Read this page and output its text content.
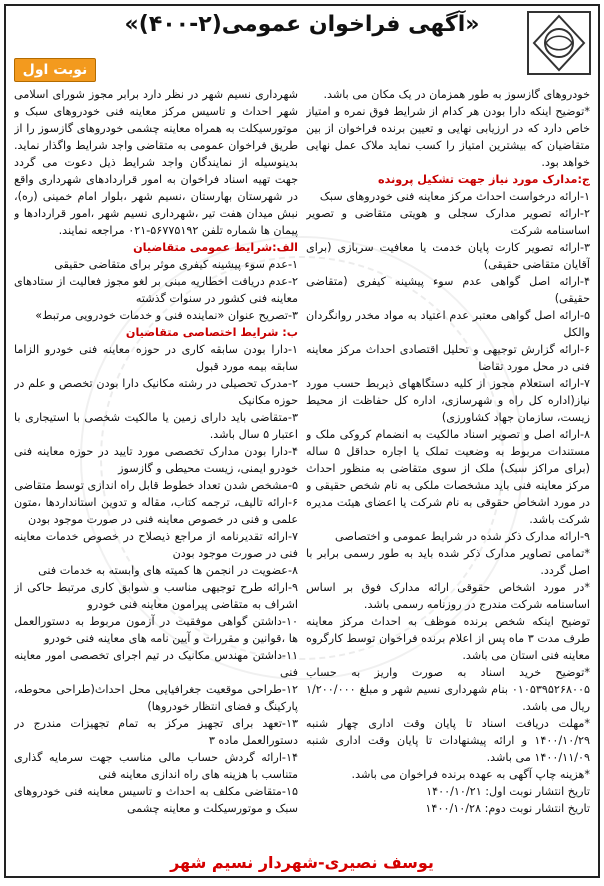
«آگهی فراخوان عمومی(۲-۴۰۰)»
نوبت اول

شهرداری نسیم شهر در نظر دارد برابر مجوز شورای اسلامی شهر احداث و تاسیس مرکز معاینه فنی خودروهای سبک و موتورسیکلت به همراه معاینه چشمی خودروهای گازسوز را از طریق فراخوان عمومی به متقاضی واجد شرایط واگذار نماید. بدینوسیله از نمایندگان واجد شرایط ذیل دعوت می گردد جهت تهیه اسناد فراخوان به امور قراردادهای شهرداری واقع در شهرستان بهارستان ،نسیم شهر ،بلوار امام خمینی (ره)، نبش میدان هفت تیر ،شهرداری نسیم شهر ،امور قراردادها و پیمان ها شماره تلفن ۵۶۷۷۵۱۹۲-۰۲۱ مراجعه نمایند.

الف:شرایط عمومی متقاضیان

۱-عدم سوء پیشینه کیفری موثر برای متقاضی حقیقی

۲-عدم دریافت اخطاریه مبنی بر لغو مجوز فعالیت از ستادهای معاینه فنی کشور در سنوات گذشته

۳-تصریح عنوان «نماینده فنی و خدمات خودرویی مرتبط»

ب: شرایط اختصاصی متقاضیان

۱-دارا بودن سابقه کاری در حوزه معاینه فنی خودرو الزاما سابقه بیمه مورد قبول

۲-مدرک تحصیلی در رشته مکانیک دارا بودن تخصص و علم در حوزه مکانیک

۳-متقاضی باید دارای زمین یا مالکیت شخصی با استیجاری با اعتبار ۵ سال باشد.

۴-دارا بودن مدارک تخصصی مورد تایید در حوزه معاینه فنی خودرو ایمنی، زیست محیطی و گازسوز

۵-مشخص شدن تعداد خطوط قابل راه اندازی توسط متقاضی

۶-ارائه تالیف، ترجمه کتاب، مقاله و تدوین استانداردها ،متون علمی و فنی در خصوص معاینه فنی در صورت موجود بودن

۷-ارائه تقدیرنامه از مراجع ذیصلاح در خصوص خدمات معاینه فنی در صورت موجود بودن

۸-عضویت در انجمن ها کمیته های وابسته به خدمات فنی

۹-ارائه طرح توجیهی مناسب و سوابق کاری مرتبط حاکی از اشراف به متقاضی پیرامون معاینه فنی خودرو

۱۰-داشتن گواهی موفقیت در آزمون مربوط به دستورالعمل ها ،قوانین و مقررات و آیین نامه های معاینه فنی خودرو

۱۱-داشتن مهندس مکانیک در تیم اجرای تخصصی امور معاینه فنی

۱۲-طراحی موقعیت جغرافیایی محل احداث(طراحی محوطه، پارکینگ و فضای انتظار خودروها)

۱۳-تعهد برای تجهیز مرکز به تمام تجهیزات مندرج در دستورالعمل ماده ۳

۱۴-ارائه گردش حساب مالی مناسب جهت سرمایه گذاری متناسب با هزینه های راه اندازی معاینه فنی

۱۵-متقاضی مکلف به احداث و تاسیس معاینه فنی خودروهای سبک و موتورسیکلت و معاینه چشمی

خودروهای گازسوز به طور همزمان در یک مکان می باشد.

*توضیح اینکه دارا بودن هر کدام از شرایط فوق نمره و امتیاز خاص دارد که در ارزیابی نهایی و تعیین برنده فراخوان از بین متقاضیان که بیشترین امتیاز را کسب نماید ملاک عمل نهایی خواهد بود.

ج:مدارک مورد نیاز جهت تشکیل پرونده

۱-ارائه درخواست احداث مرکز معاینه فنی خودروهای سبک

۲-ارائه تصویر مدارک سجلی و هویتی متقاضی و تصویر اساسنامه شرکت

۳-ارائه تصویر کارت پایان خدمت یا معافیت سربازی (برای آقایان متقاضی حقیقی)

۴-ارائه اصل گواهی عدم سوء پیشینه کیفری (متقاضی حقیقی)

۵-ارائه اصل گواهی معتبر عدم اعتیاد به مواد مخدر روانگردان والکل

۶-ارائه گزارش توجیهی و تحلیل اقتصادی احداث مرکز معاینه فنی در محل مورد تقاضا

۷-ارائه استعلام مجوز از کلیه دستگاههای ذیربط حسب مورد نیاز(اداره کل راه و شهرسازی، اداره کل حفاظت از محیط زیست، سازمان جهاد کشاورزی)

۸-ارائه اصل و تصویر اسناد مالکیت به انضمام کروکی ملک و مستندات مربوط به وضعیت تملک یا اجاره حداقل ۵ ساله (برای مراکز سبک) ملک از سوی متقاضی به منظور احداث مرکز معاینه فنی باید مشخصات ملکی به نام شخص حقیقی و در مورد اشخاص حقوقی به نام شرکت یا اعضای هیئت مدیره شرکت باشد.

۹-ارائه مدارک ذکر شده در شرایط عمومی و اختصاصی

*تمامی تصاویر مدارک ذکر شده باید به طور رسمی برابر با اصل گردد.

*در مورد اشخاص حقوقی ارائه مدارک فوق بر اساس اساسنامه شرکت مندرج در روزنامه رسمی باشد.

توضیح اینکه شخص برنده موظف به احداث مرکز معاینه طرف مدت ۳ ماه پس از اعلام برنده فراخوان توسط کارگروه معاینه فنی استان می باشد.

*توضیح خرید اسناد به صورت واریز به حساب ۰۱۰۵۳۹۵۲۶۸۰۰۵ بنام شهرداری نسیم شهر و مبلغ ۱/۲۰۰/۰۰۰ ریال می باشد.

*مهلت دریافت اسناد تا پایان وقت اداری چهار شنبه ۱۴۰۰/۱۰/۲۹ و ارائه پیشنهادات تا پایان وقت اداری شنبه ۱۴۰۰/۱۱/۰۹ می باشد.

*هزینه چاپ آگهی به عهده برنده فراخوان می باشد.

تاریخ انتشار نوبت اول: ۱۴۰۰/۱۰/۲۱

تاریخ انتشار نوبت دوم: ۱۴۰۰/۱۰/۲۸

یوسف نصیری-شهردار نسیم شهر
